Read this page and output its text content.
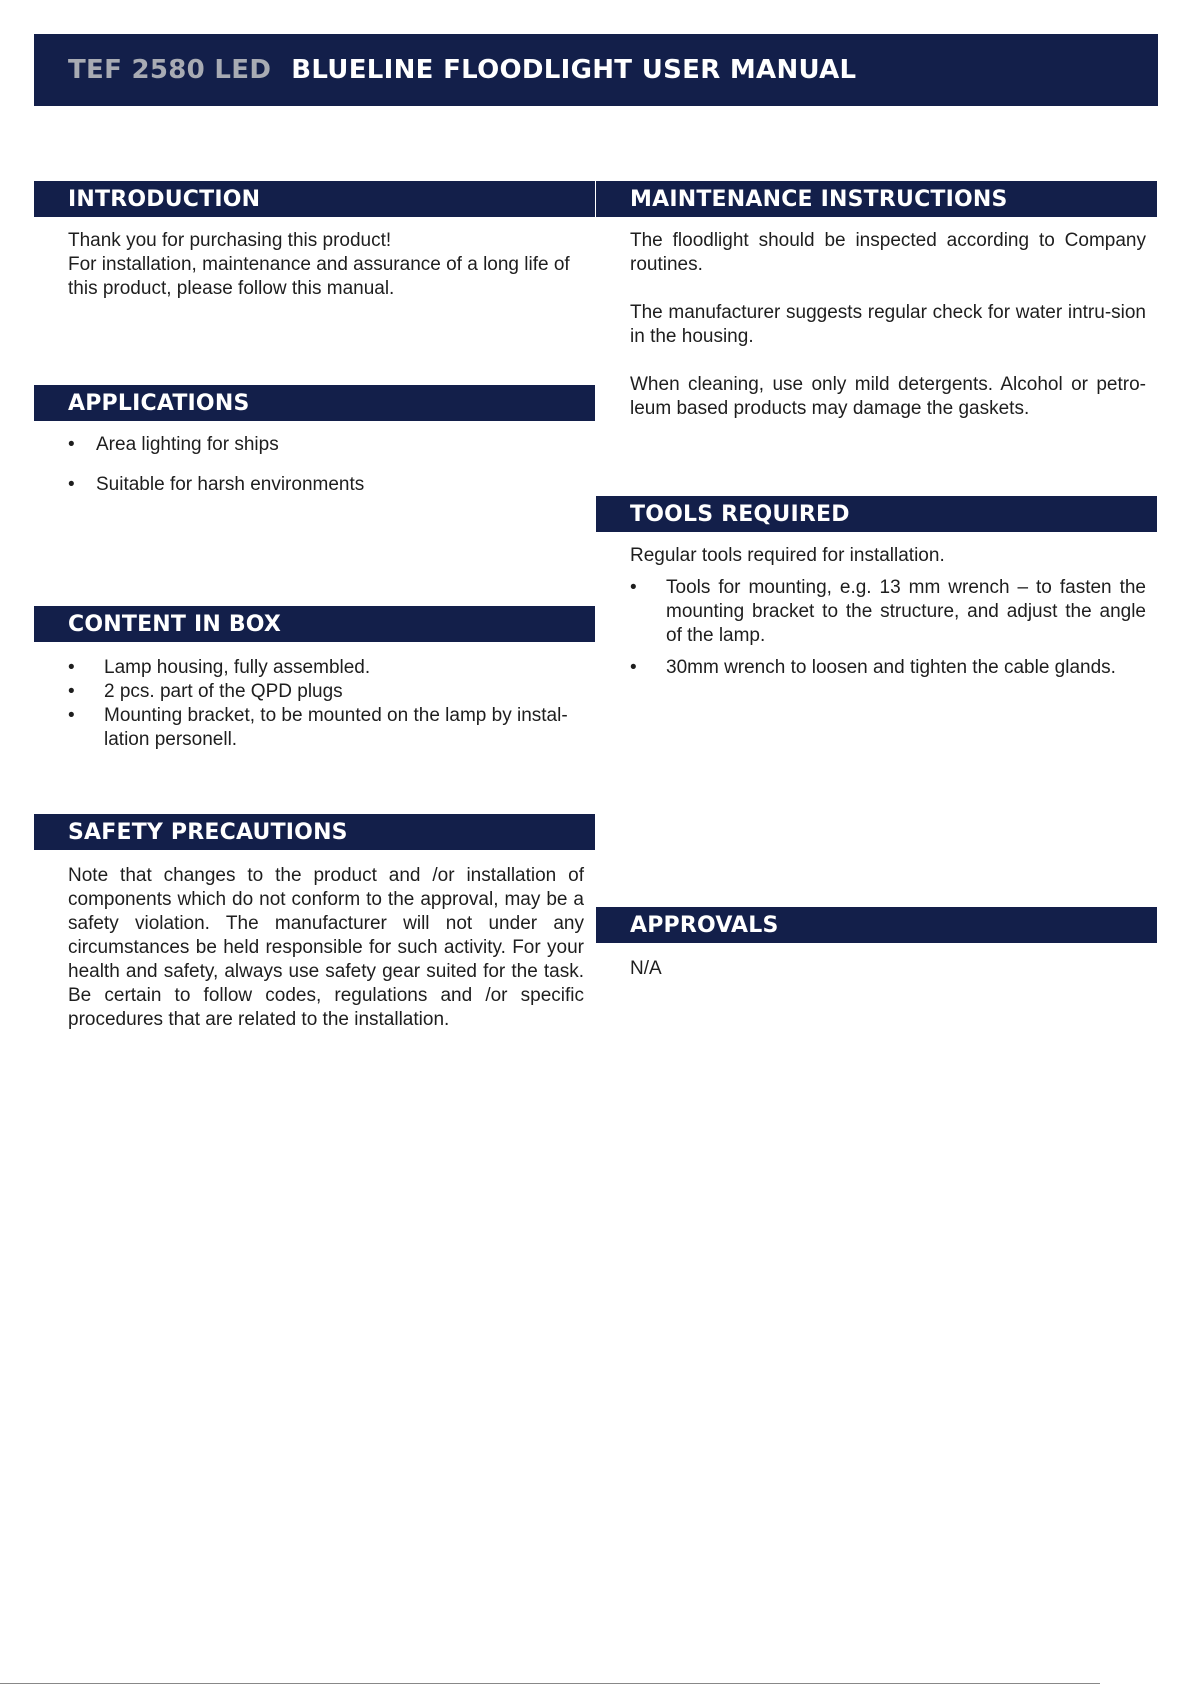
TEF 2580 LED BLUELINE FLOODLIGHT USER MANUAL
INTRODUCTION

Thank you for purchasing this product!

For installation, maintenance and assurance of a long life of this product, please follow this manual.

APPLICATIONS
• Area lighting for ships
• Suitable for harsh environments
CONTENT IN BOX
• Lamp housing, fully assembled.
• 2 pcs. part of the QPD plugs
• Mounting bracket, to be mounted on the lamp by instal-lation personell.
SAFETY PRECAUTIONS

Note that changes to the product and /or installation of components which do not conform to the approval, may be a safety violation. The manufacturer will not under any circumstances be held responsible for such activity. For your health and safety, always use safety gear suited for the task. Be certain to follow codes, regulations and /or specific procedures that are related to the installation.

MAINTENANCE INSTRUCTIONS

The floodlight should be inspected according to Company routines.

The manufacturer suggests regular check for water intru-sion in the housing.

When cleaning, use only mild detergents. Alcohol or petro-leum based products may damage the gaskets.

TOOLS REQUIRED

Regular tools required for installation.

• Tools for mounting, e.g. 13 mm wrench – to fasten the mounting bracket to the structure, and adjust the angle of the lamp.
• 30mm wrench to loosen and tighten the cable glands.
APPROVALS

N/A
